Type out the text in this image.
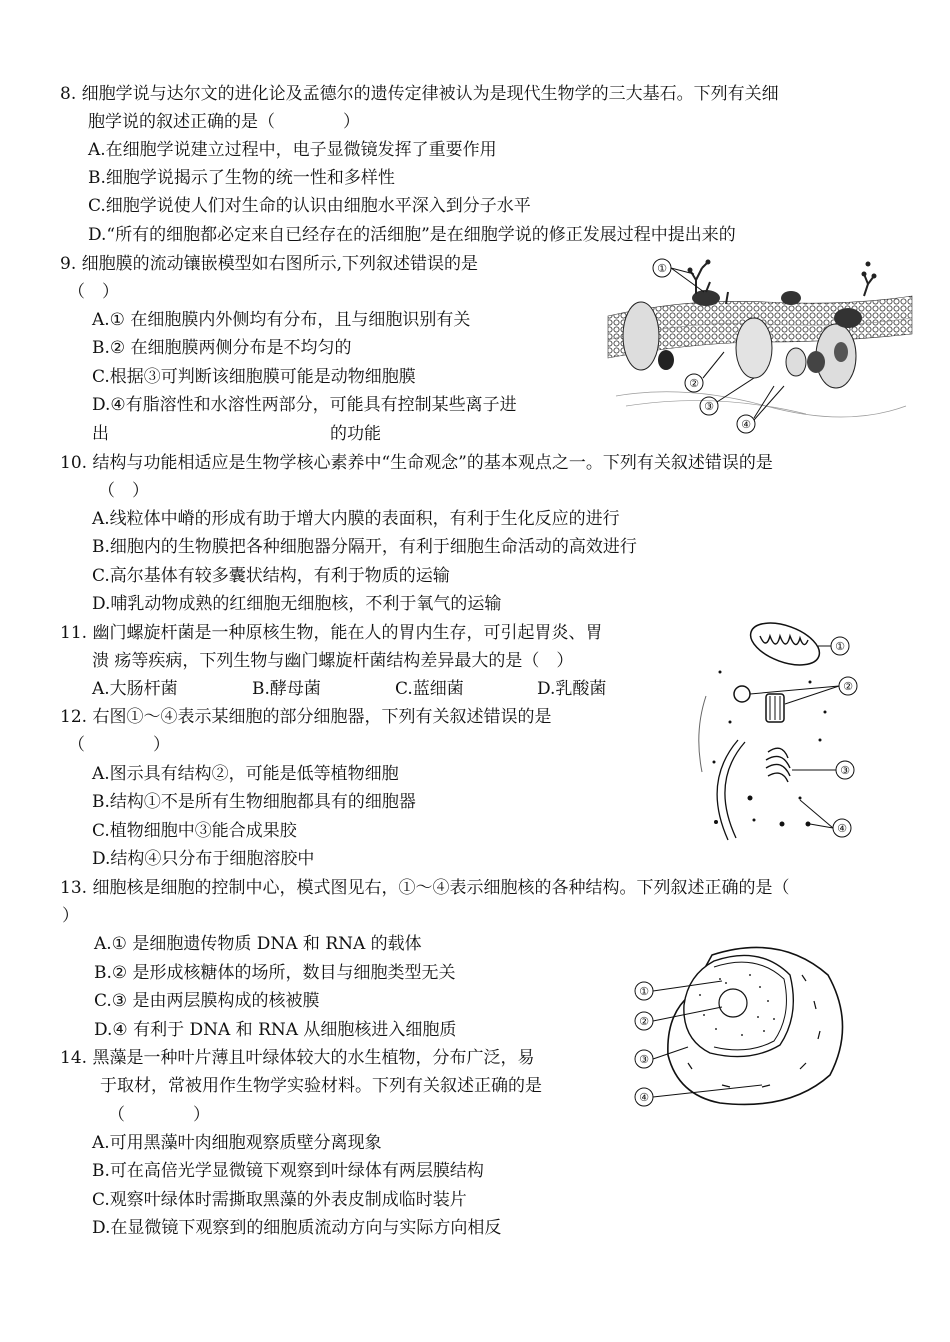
8. 细胞学说与达尔文的进化论及孟德尔的遗传定律被认为是现代生物学的三大基石。下列有关细
胞学说的叙述正确的是（　　　　）
A.在细胞学说建立过程中，电子显微镜发挥了重要作用
B.细胞学说揭示了生物的统一性和多样性
C.细胞学说使人们对生命的认识由细胞水平深入到分子水平
D.“所有的细胞都必定来自已经存在的活细胞”是在细胞学说的修正发展过程中提出来的
9. 细胞膜的流动镶嵌模型如右图所示,下列叙述错误的是
（　）
A.① 在细胞膜内外侧均有分布，且与细胞识别有关
B.② 在细胞膜两侧分布是不均匀的
C.根据③可判断该细胞膜可能是动物细胞膜
D.④有脂溶性和水溶性两部分，可能具有控制某些离子进
出	的功能
①
②
③
④
10. 结构与功能相适应是生物学核心素养中“生命观念”的基本观点之一。下列有关叙述错误的是
（　）
A.线粒体中嵴的形成有助于增大内膜的表面积，有利于生化反应的进行
B.细胞内的生物膜把各种细胞器分隔开，有利于细胞生命活动的高效进行
C.高尔基体有较多囊状结构，有利于物质的运输
D.哺乳动物成熟的红细胞无细胞核，不利于氧气的运输
11. 幽门螺旋杆菌是一种原核生物，能在人的胃内生存，可引起胃炎、胃
溃 疡等疾病，下列生物与幽门螺旋杆菌结构差异最大的是（　）
A.大肠杆菌	B.酵母菌	C.蓝细菌	D.乳酸菌
12. 右图①～④表示某细胞的部分细胞器，下列有关叙述错误的是
（　　　　）
A.图示具有结构②，可能是低等植物细胞
B.结构①不是所有生物细胞都具有的细胞器
C.植物细胞中③能合成果胶
D.结构④只分布于细胞溶胶中
①
②
③
④
13. 细胞核是细胞的控制中心，模式图见右，①～④表示细胞核的各种结构。下列叙述正确的是（
）
A.① 是细胞遗传物质 DNA 和 RNA 的载体
B.② 是形成核糖体的场所，数目与细胞类型无关
C.③ 是由两层膜构成的核被膜
D.④ 有利于 DNA 和 RNA 从细胞核进入细胞质
①
②
③
④
14. 黑藻是一种叶片薄且叶绿体较大的水生植物，分布广泛，易
于取材，常被用作生物学实验材料。下列有关叙述正确的是
（　　　　）
A.可用黑藻叶肉细胞观察质壁分离现象
B.可在高倍光学显微镜下观察到叶绿体有两层膜结构
C.观察叶绿体时需撕取黑藻的外表皮制成临时装片
D.在显微镜下观察到的细胞质流动方向与实际方向相反
